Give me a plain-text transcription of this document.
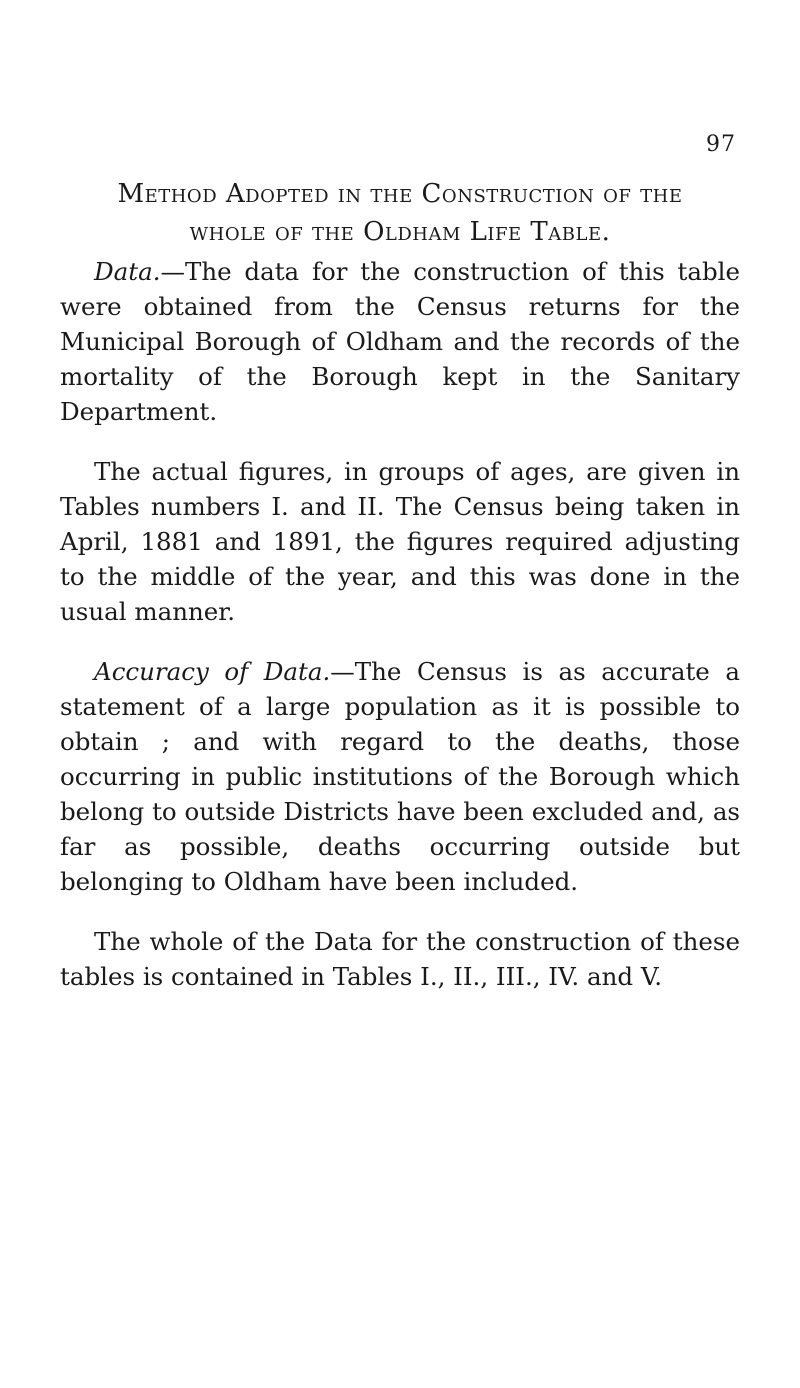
97
Method Adopted in the Construction of the
whole of the Oldham Life Table.

Data.—The data for the construction of this table were obtained from the Census returns for the Municipal Borough of Oldham and the records of the mortality of the Borough kept in the Sanitary Department.

The actual figures, in groups of ages, are given in Tables numbers I. and II. The Census being taken in April, 1881 and 1891, the figures required adjusting to the middle of the year, and this was done in the usual manner.

Accuracy of Data.—The Census is as accurate a statement of a large population as it is possible to obtain ; and with regard to the deaths, those occurring in public institutions of the Borough which belong to outside Districts have been excluded and, as far as possible, deaths occurring outside but belonging to Oldham have been included.

The whole of the Data for the construction of these tables is contained in Tables I., II., III., IV. and V.
